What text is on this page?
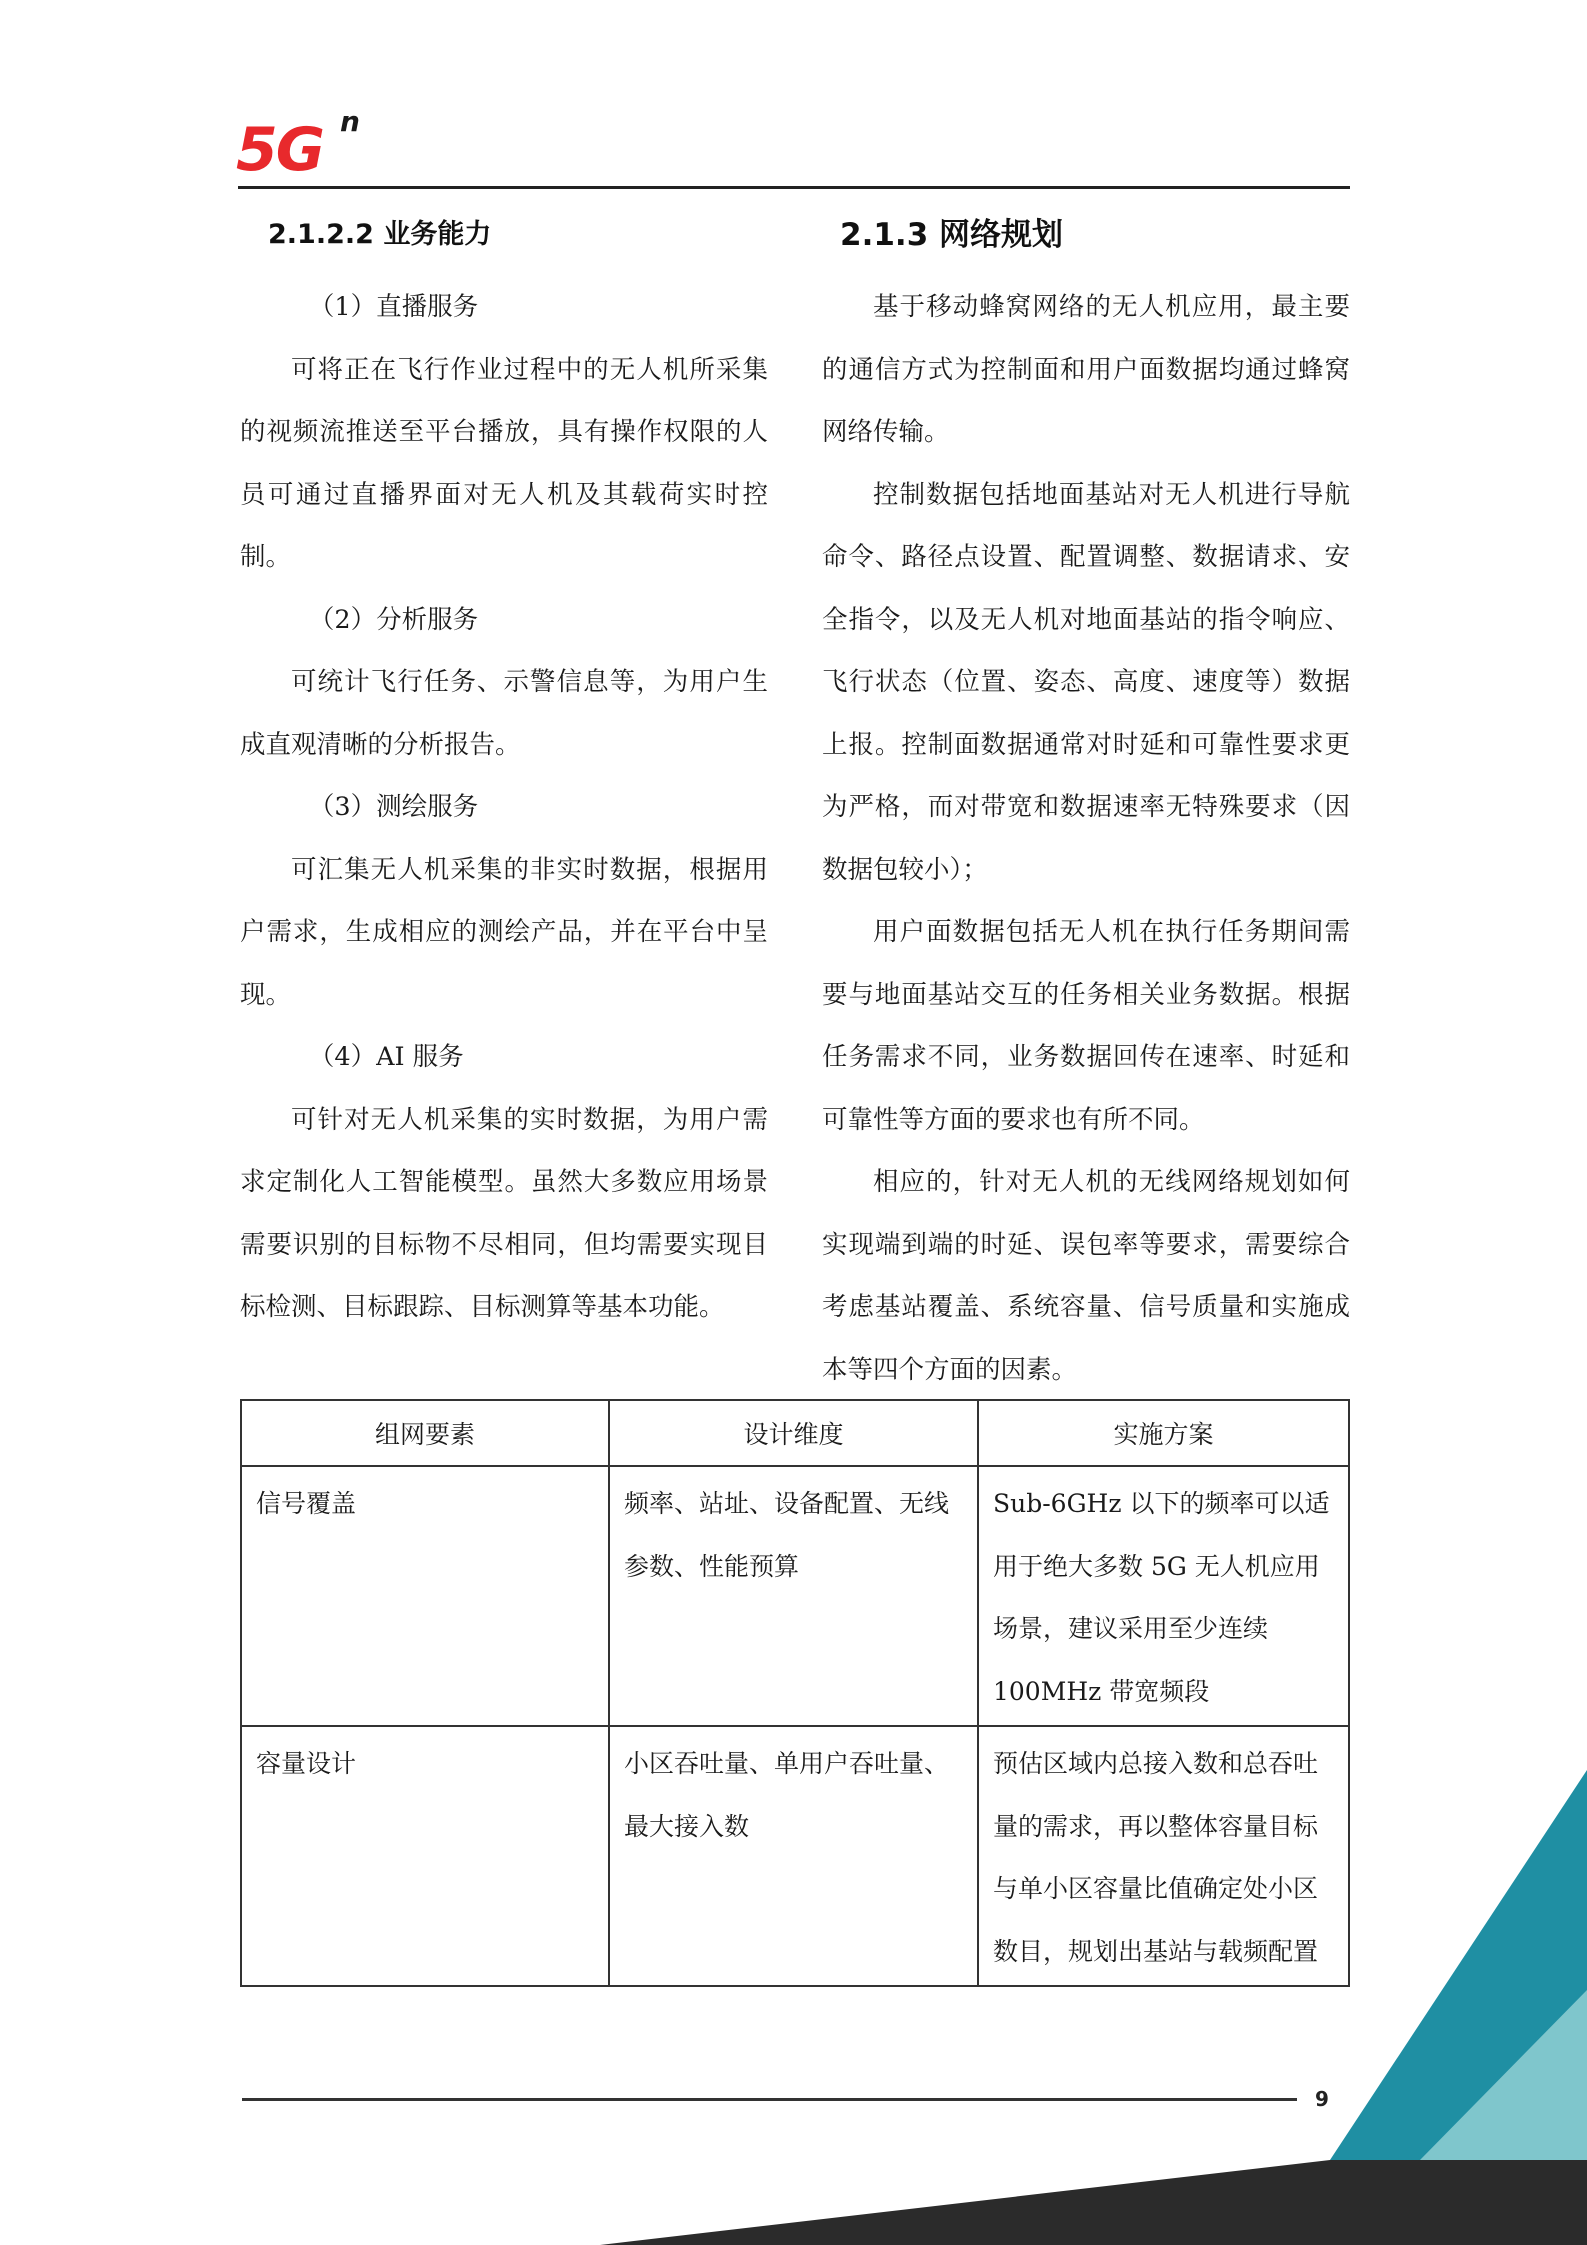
5G n
2.1.2.2 业务能力

（1）直播服务

可将正在飞行作业过程中的无人机所采集的视频流推送至平台播放，具有操作权限的人员可通过直播界面对无人机及其载荷实时控制。

（2）分析服务

可统计飞行任务、示警信息等，为用户生成直观清晰的分析报告。

（3）测绘服务

可汇集无人机采集的非实时数据，根据用户需求，生成相应的测绘产品，并在平台中呈现。

（4）AI 服务

可针对无人机采集的实时数据，为用户需求定制化人工智能模型。虽然大多数应用场景需要识别的目标物不尽相同，但均需要实现目标检测、目标跟踪、目标测算等基本功能。

2.1.3 网络规划

基于移动蜂窝网络的无人机应用，最主要的通信方式为控制面和用户面数据均通过蜂窝网络传输。

控制数据包括地面基站对无人机进行导航命令、路径点设置、配置调整、数据请求、安全指令，以及无人机对地面基站的指令响应、飞行状态（位置、姿态、高度、速度等）数据上报。控制面数据通常对时延和可靠性要求更为严格，而对带宽和数据速率无特殊要求（因数据包较小）；

用户面数据包括无人机在执行任务期间需要与地面基站交互的任务相关业务数据。根据任务需求不同，业务数据回传在速率、时延和可靠性等方面的要求也有所不同。

相应的，针对无人机的无线网络规划如何实现端到端的时延、误包率等要求，需要综合考虑基站覆盖、系统容量、信号质量和实施成本等四个方面的因素。

组网要素	设计维度	实施方案
信号覆盖	频率、站址、设备配置、无线参数、性能预算	Sub-6GHz 以下的频率可以适用于绝大多数 5G 无人机应用场景，建议采用至少连续 100MHz 带宽频段
容量设计	小区吞吐量、单用户吞吐量、最大接入数	预估区域内总接入数和总吞吐量的需求，再以整体容量目标与单小区容量比值确定处小区数目，规划出基站与载频配置
9
